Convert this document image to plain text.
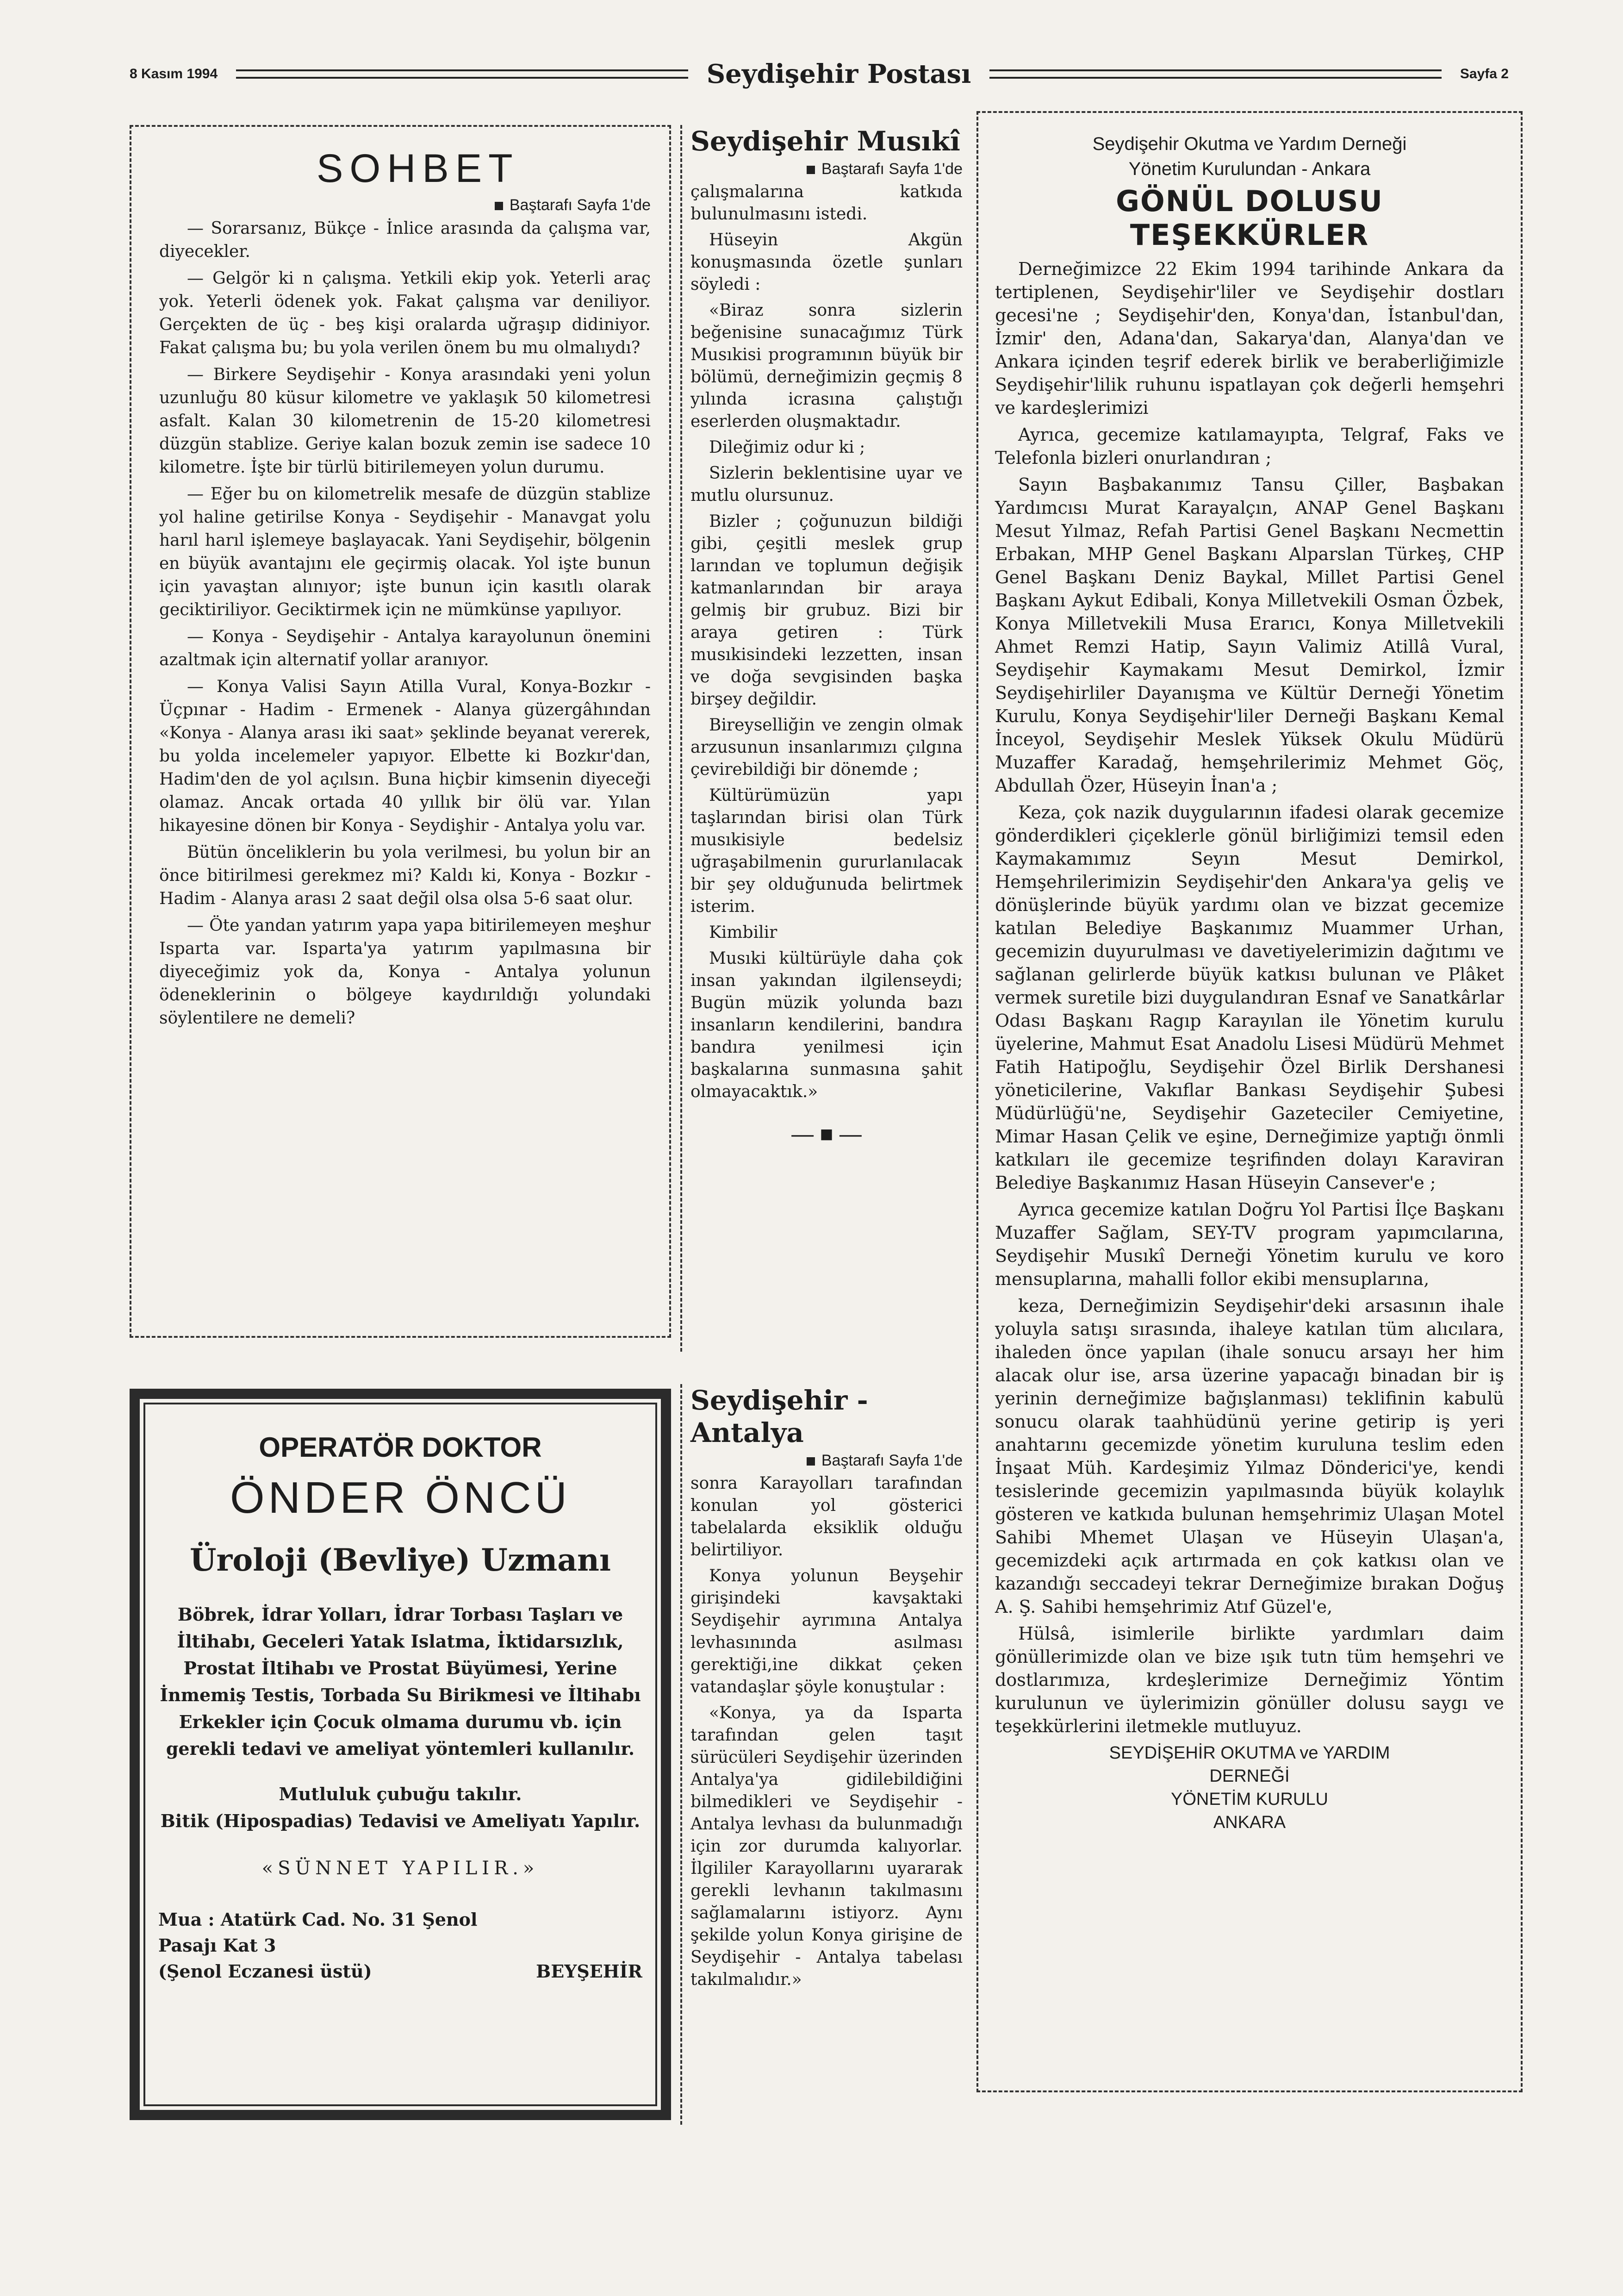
8 Kasım 1994	Seydişehir Postası	Sayfa 2
SOHBET

Baştarafı Sayfa 1'de

— Sorarsanız, Bükçe - İnlice arasında da çalışma var, diyecekler.

— Gelgör ki n çalışma. Yetkili ekip yok. Yeterli araç yok. Yeterli ödenek yok. Fakat çalışma var deniliyor. Gerçekten de üç - beş kişi oralarda uğraşıp didiniyor. Fakat çalışma bu; bu yola verilen önem bu mu olmalıydı?

— Birkere Seydişehir - Konya arasındaki yeni yolun uzunluğu 80 küsur kilometre ve yaklaşık 50 kilometresi asfalt. Kalan 30 kilometrenin de 15-20 kilometresi düzgün stablize. Geriye kalan bozuk zemin ise sadece 10 kilometre. İşte bir türlü bitirilemeyen yolun durumu.

— Eğer bu on kilometrelik mesafe de düzgün stablize yol haline getirilse Konya - Seydişehir - Manavgat yolu harıl harıl işlemeye başlayacak. Yani Seydişehir, bölgenin en büyük avantajını ele geçirmiş olacak. Yol işte bunun için yavaştan alınıyor; işte bunun için kasıtlı olarak geciktiriliyor. Geciktirmek için ne mümkünse yapılıyor.

— Konya - Seydişehir - Antalya karayolunun önemini azaltmak için alternatif yollar aranıyor.

— Konya Valisi Sayın Atilla Vural, Konya-Bozkır - Üçpınar - Hadim - Ermenek - Alanya güzergâhından «Konya - Alanya arası iki saat» şeklinde beyanat vererek, bu yolda incelemeler yapıyor. Elbette ki Bozkır'dan, Hadim'den de yol açılsın. Buna hiçbir kimsenin diyeceği olamaz. Ancak ortada 40 yıllık bir ölü var. Yılan hikayesine dönen bir Konya - Seydişhir - Antalya yolu var.

Bütün önceliklerin bu yola verilmesi, bu yolun bir an önce bitirilmesi gerekmez mi? Kaldı ki, Konya - Bozkır - Hadim - Alanya arası 2 saat değil olsa olsa 5-6 saat olur.

— Öte yandan yatırım yapa yapa bitirilemeyen meşhur Isparta var. Isparta'ya yatırım yapılmasına bir diyeceğimiz yok da, Konya - Antalya yolunun ödeneklerinin o bölgeye kaydırıldığı yolundaki söylentilere ne demeli?

OPERATÖR DOKTOR

ÖNDER ÖNCÜ

Üroloji (Bevliye) Uzmanı

Böbrek, İdrar Yolları, İdrar Torbası Taşları ve İltihabı, Geceleri Yatak Islatma, İktidarsızlık, Prostat İltihabı ve Prostat Büyümesi, Yerine İnmemiş Testis, Torbada Su Birikmesi ve İltihabı Erkekler için Çocuk olmama durumu vb. için gerekli tedavi ve ameliyat yöntemleri kullanılır.

Mutluluk çubuğu takılır.
Bitik (Hipospadias) Tedavisi ve Ameliyatı Yapılır.

«SÜNNET YAPILIR.»

Mua : Atatürk Cad. No. 31 Şenol Pasajı Kat 3
(Şenol Eczanesi üstü)	BEYŞEHİR

Seydişehir Musıkî

Baştarafı Sayfa 1'de

çalışmalarına katkıda bulunulmasını istedi.

Hüseyin Akgün konuşmasında özetle şunları söyledi :

«Biraz sonra sizlerin beğenisine sunacağımız Türk Musıkisi programının büyük bir bölümü, derneğimizin geçmiş 8 yılında icrasına çalıştığı eserlerden oluşmaktadır.

Dileğimiz odur ki ;

Sizlerin beklentisine uyar ve mutlu olursunuz.

Bizler ; çoğunuzun bildiği gibi, çeşitli meslek grup larından ve toplumun değişik katmanlarından bir araya gelmiş bir grubuz. Bizi bir araya getiren : Türk musıkisindeki lezzetten, insan ve doğa sevgisinden başka birşey değildir.

Bireyselliğin ve zengin olmak arzusunun insanlarımızı çılgına çevirebildiği bir dönemde ;

Kültürümüzün yapı taşlarından birisi olan Türk musıkisiyle bedelsiz uğraşabilmenin gururlanılacak bir şey olduğunuda belirtmek isterim.

Kimbilir

Musıki kültürüyle daha çok insan yakından ilgilenseydi; Bugün müzik yolunda bazı insanların kendilerini, bandıra bandıra yenilmesi için başkalarına sunmasına şahit olmayacaktık.»

— ■ —

Seydişehir - Antalya

Baştarafı Sayfa 1'de

sonra Karayolları tarafından konulan yol gösterici tabelalarda eksiklik olduğu belirtiliyor.

Konya yolunun Beyşehir girişindeki kavşaktaki Seydişehir ayrımına Antalya levhasınında asılması gerektiği,ine dikkat çeken vatandaşlar şöyle konuştular :

«Konya, ya da Isparta tarafından gelen taşıt sürücüleri Seydişehir üzerinden Antalya'ya gidilebildiğini bilmedikleri ve Seydişehir - Antalya levhası da bulunmadığı için zor durumda kalıyorlar. İlgililer Karayollarını uyararak gerekli levhanın takılmasını sağlamalarını istiyorz. Aynı şekilde yolun Konya girişine de Seydişehir - Antalya tabelası takılmalıdır.»

Seydişehir Okutma ve Yardım Derneği

Yönetim Kurulundan - Ankara

GÖNÜL DOLUSU TEŞEKKÜRLER

Derneğimizce 22 Ekim 1994 tarihinde Ankara da tertiplenen, Seydişehir'liler ve Seydişehir dostları gecesi'ne ; Seydişehir'den, Konya'dan, İstanbul'dan, İzmir' den, Adana'dan, Sakarya'dan, Alanya'dan ve Ankara içinden teşrif ederek birlik ve beraberliğimizle Seydişehir'lilik ruhunu ispatlayan çok değerli hemşehri ve kardeşlerimizi

Ayrıca, gecemize katılamayıpta, Telgraf, Faks ve Telefonla bizleri onurlandıran ;

Sayın Başbakanımız Tansu Çiller, Başbakan Yardımcısı Murat Karayalçın, ANAP Genel Başkanı Mesut Yılmaz, Refah Partisi Genel Başkanı Necmettin Erbakan, MHP Genel Başkanı Alparslan Türkeş, CHP Genel Başkanı Deniz Baykal, Millet Partisi Genel Başkanı Aykut Edibali, Konya Milletvekili Osman Özbek, Konya Milletvekili Musa Erarıcı, Konya Milletvekili Ahmet Remzi Hatip, Sayın Valimiz Atillâ Vural, Seydişehir Kaymakamı Mesut Demirkol, İzmir Seydişehirliler Dayanışma ve Kültür Derneği Yönetim Kurulu, Konya Seydişehir'liler Derneği Başkanı Kemal İnceyol, Seydişehir Meslek Yüksek Okulu Müdürü Muzaffer Karadağ, hemşehrilerimiz Mehmet Göç, Abdullah Özer, Hüseyin İnan'a ;

Keza, çok nazik duygularının ifadesi olarak gecemize gönderdikleri çiçeklerle gönül birliğimizi temsil eden Kaymakamımız Seyın Mesut Demirkol, Hemşehrilerimizin Seydişehir'den Ankara'ya geliş ve dönüşlerinde büyük yardımı olan ve bizzat gecemize katılan Belediye Başkanımız Muammer Urhan, gecemizin duyurulması ve davetiyelerimizin dağıtımı ve sağlanan gelirlerde büyük katkısı bulunan ve Plâket vermek suretile bizi duygulandıran Esnaf ve Sanatkârlar Odası Başkanı Ragıp Karayılan ile Yönetim kurulu üyelerine, Mahmut Esat Anadolu Lisesi Müdürü Mehmet Fatih Hatipoğlu, Seydişehir Özel Birlik Dershanesi yöneticilerine, Vakıflar Bankası Seydişehir Şubesi Müdürlüğü'ne, Seydişehir Gazeteciler Cemiyetine, Mimar Hasan Çelik ve eşine, Derneğimize yaptığı önmli katkıları ile gecemize teşrifinden dolayı Karaviran Belediye Başkanımız Hasan Hüseyin Cansever'e ;

Ayrıca gecemize katılan Doğru Yol Partisi İlçe Başkanı Muzaffer Sağlam, SEY-TV program yapımcılarına, Seydişehir Musıkî Derneği Yönetim kurulu ve koro mensuplarına, mahalli follor ekibi mensuplarına,

keza, Derneğimizin Seydişehir'deki arsasının ihale yoluyla satışı sırasında, ihaleye katılan tüm alıcılara, ihaleden önce yapılan (ihale sonucu arsayı her him alacak olur ise, arsa üzerine yapacağı binadan bir iş yerinin derneğimize bağışlanması) teklifinin kabulü sonucu olarak taahhüdünü yerine getirip iş yeri anahtarını gecemizde yönetim kuruluna teslim eden İnşaat Müh. Kardeşimiz Yılmaz Dönderici'ye, kendi tesislerinde gecemizin yapılmasında büyük kolaylık gösteren ve katkıda bulunan hemşehrimiz Ulaşan Motel Sahibi Mhemet Ulaşan ve Hüseyin Ulaşan'a, gecemizdeki açık artırmada en çok katkısı olan ve kazandığı seccadeyi tekrar Derneğimize bırakan Doğuş A. Ş. Sahibi hemşehrimiz Atıf Güzel'e,

Hülsâ, isimlerile birlikte yardımları daim gönüllerimizde olan ve bize ışık tutn tüm hemşehri ve dostlarımıza, krdeşlerimize Derneğimiz Yöntim kurulunun ve üylerimizin gönüller dolusu saygı ve teşekkürlerini iletmekle mutluyuz.

SEYDİŞEHİR OKUTMA ve YARDIM
DERNEĞİ
YÖNETİM KURULU
ANKARA
